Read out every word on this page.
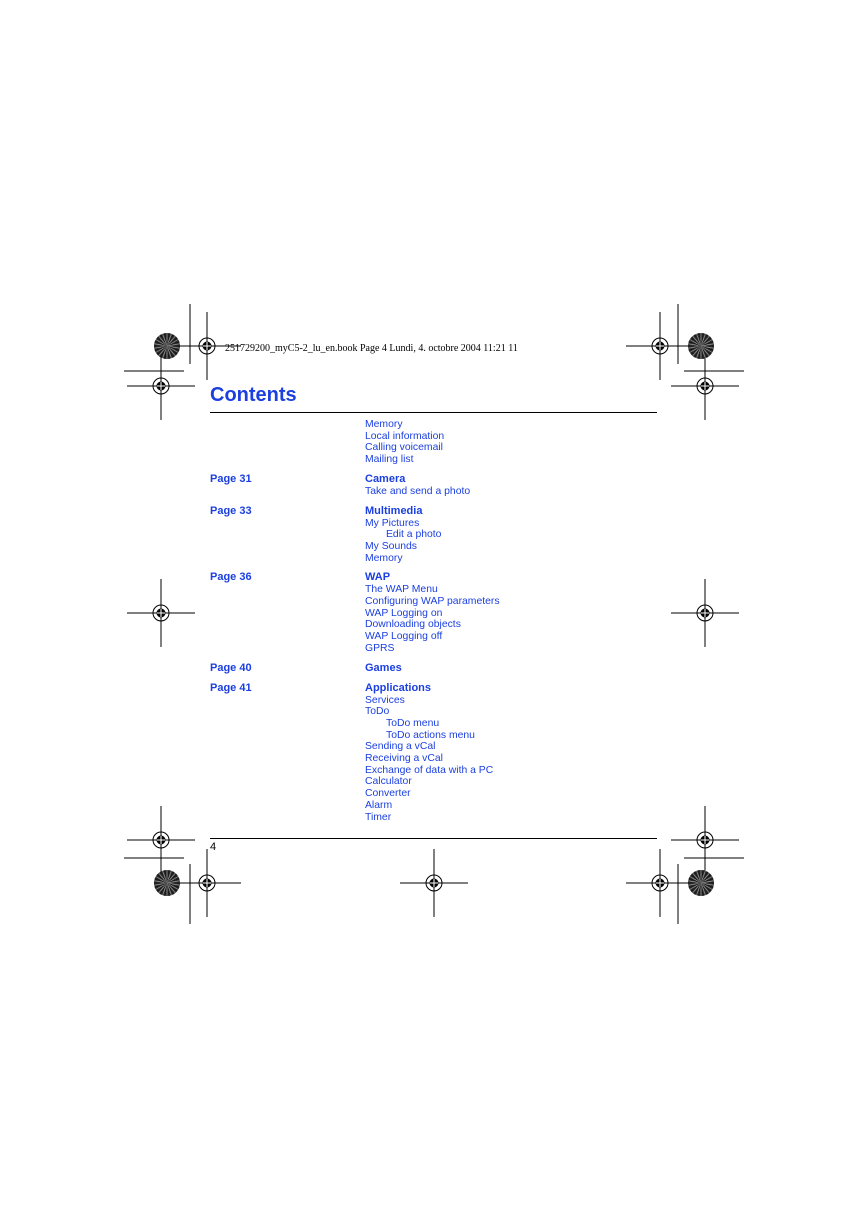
251729200_myC5-2_lu_en.book Page 4 Lundi, 4. octobre 2004 11:21 11
Contents
Memory
Local information
Calling voicemail
Mailing list
Page 31	Camera
Take and send a photo
Page 33	Multimedia
My Pictures
Edit a photo
My Sounds
Memory
Page 36	WAP
The WAP Menu
Configuring WAP parameters
WAP Logging on
Downloading objects
WAP Logging off
GPRS
Page 40	Games
Page 41	Applications
Services
ToDo
ToDo menu
ToDo actions menu
Sending a vCal
Receiving a vCal
Exchange of data with a PC
Calculator
Converter
Alarm
Timer
4
